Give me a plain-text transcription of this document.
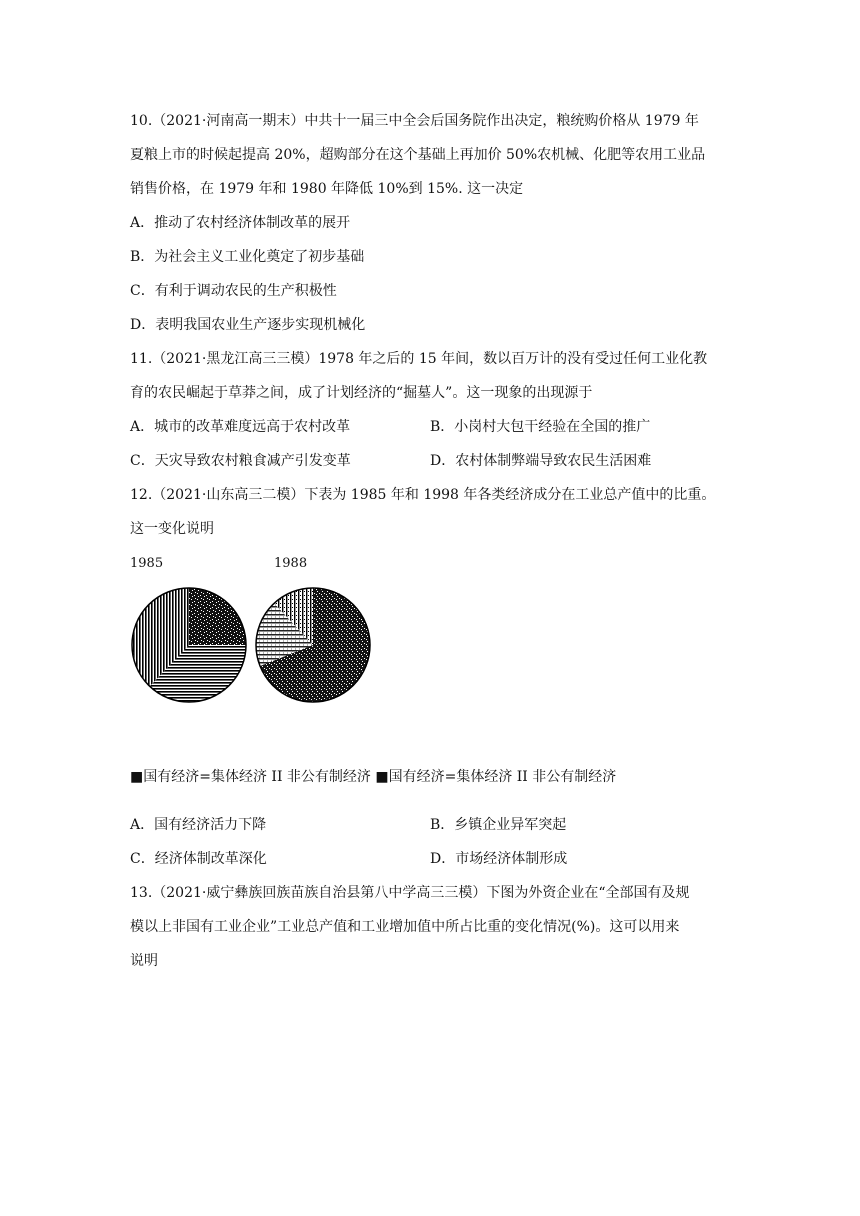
10.（2021·河南高一期末）中共十一届三中全会后国务院作出决定，粮统购价格从 1979 年

夏粮上市的时候起提高 20%，超购部分在这个基础上再加价 50%农机械、化肥等农用工业品

销售价格，在 1979 年和 1980 年降低 10%到 15%. 这一决定

A．推动了农村经济体制改革的展开

B．为社会主义工业化奠定了初步基础

C．有利于调动农民的生产积极性

D．表明我国农业生产逐步实现机械化

11.（2021·黑龙江高三三模）1978 年之后的 15 年间，数以百万计的没有受过任何工业化教

育的农民崛起于草莽之间，成了计划经济的“掘墓人”。这一现象的出现源于

A．城市的改革难度远高于农村改革	B．小岗村大包干经验在全国的推广
C．天灾导致农村粮食减产引发变革	D．农村体制弊端导致农民生活困难

12.（2021·山东高三二模）下表为 1985 年和 1998 年各类经济成分在工业总产值中的比重。

这一变化说明

1985	1988

■国有经济=集体经济 II 非公有制经济 ■国有经济=集体经济 II 非公有制经济

A．国有经济活力下降	B．乡镇企业异军突起
C．经济体制改革深化	D．市场经济体制形成

13.（2021·威宁彝族回族苗族自治县第八中学高三三模）下图为外资企业在“全部国有及规

模以上非国有工业企业”工业总产值和工业增加值中所占比重的变化情况(%)。这可以用来

说明
